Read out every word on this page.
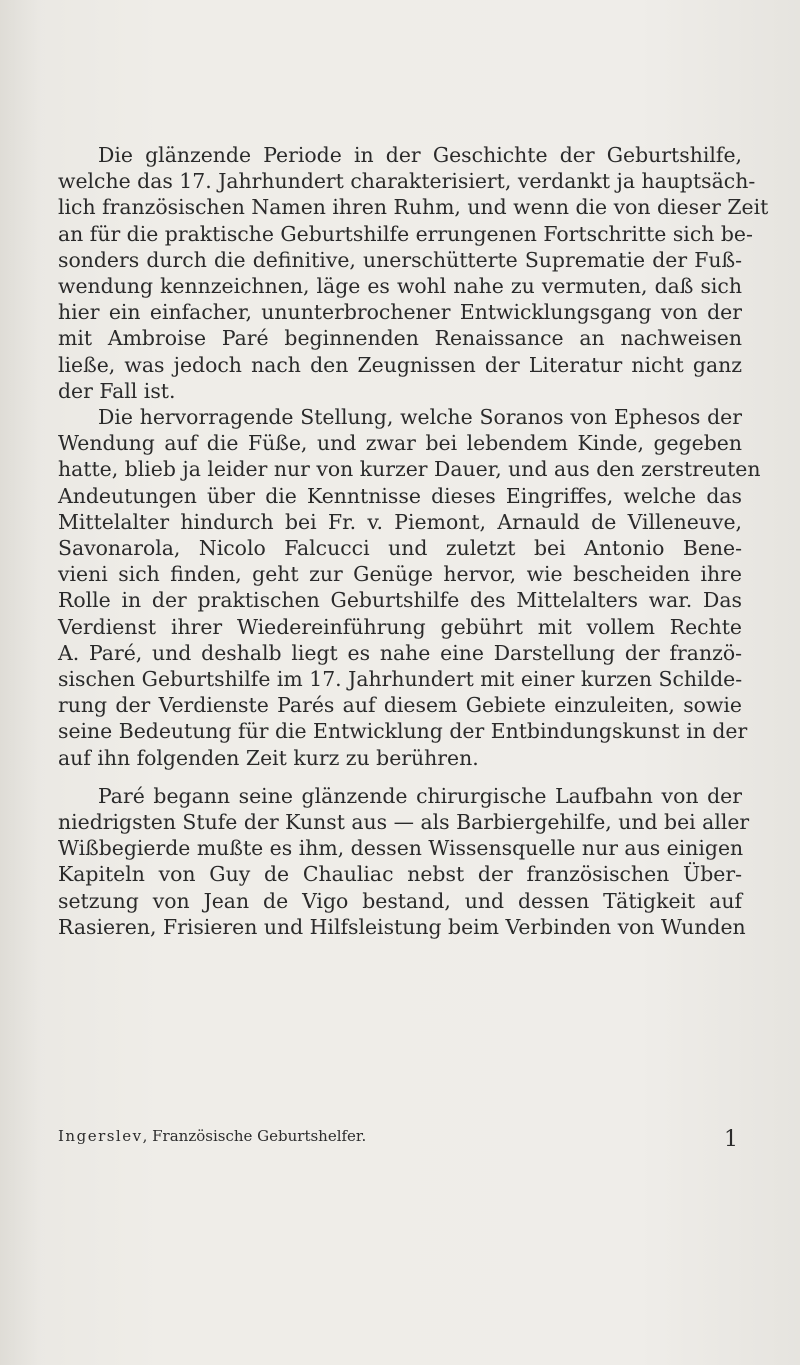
Die glänzende Periode in der Geschichte der Geburtshilfe,
welche das 17. Jahrhundert charakterisiert, verdankt ja hauptsäch-
lich französischen Namen ihren Ruhm, und wenn die von dieser Zeit
an für die praktische Geburtshilfe errungenen Fortschritte sich be-
sonders durch die definitive, unerschütterte Suprematie der Fuß-
wendung kennzeichnen, läge es wohl nahe zu vermuten, daß sich
hier ein einfacher, ununterbrochener Entwicklungsgang von der
mit Ambroise Paré beginnenden Renaissance an nachweisen
ließe, was jedoch nach den Zeugnissen der Literatur nicht ganz
der Fall ist.

Die hervorragende Stellung, welche Soranos von Ephesos der
Wendung auf die Füße, und zwar bei lebendem Kinde, gegeben
hatte, blieb ja leider nur von kurzer Dauer, und aus den zerstreuten
Andeutungen über die Kenntnisse dieses Eingriffes, welche das
Mittelalter hindurch bei Fr. v. Piemont, Arnauld de Villeneuve,
Savonarola, Nicolo Falcucci und zuletzt bei Antonio Bene-
vieni sich finden, geht zur Genüge hervor, wie bescheiden ihre
Rolle in der praktischen Geburtshilfe des Mittelalters war. Das
Verdienst ihrer Wiedereinführung gebührt mit vollem Rechte
A. Paré, und deshalb liegt es nahe eine Darstellung der franzö-
sischen Geburtshilfe im 17. Jahrhundert mit einer kurzen Schilde-
rung der Verdienste Parés auf diesem Gebiete einzuleiten, sowie
seine Bedeutung für die Entwicklung der Entbindungskunst in der
auf ihn folgenden Zeit kurz zu berühren.

Paré begann seine glänzende chirurgische Laufbahn von der
niedrigsten Stufe der Kunst aus — als Barbiergehilfe, und bei aller
Wißbegierde mußte es ihm, dessen Wissensquelle nur aus einigen
Kapiteln von Guy de Chauliac nebst der französischen Über-
setzung von Jean de Vigo bestand, und dessen Tätigkeit auf
Rasieren, Frisieren und Hilfsleistung beim Verbinden von Wunden

Ingerslev, Französische Geburtshelfer.	1
